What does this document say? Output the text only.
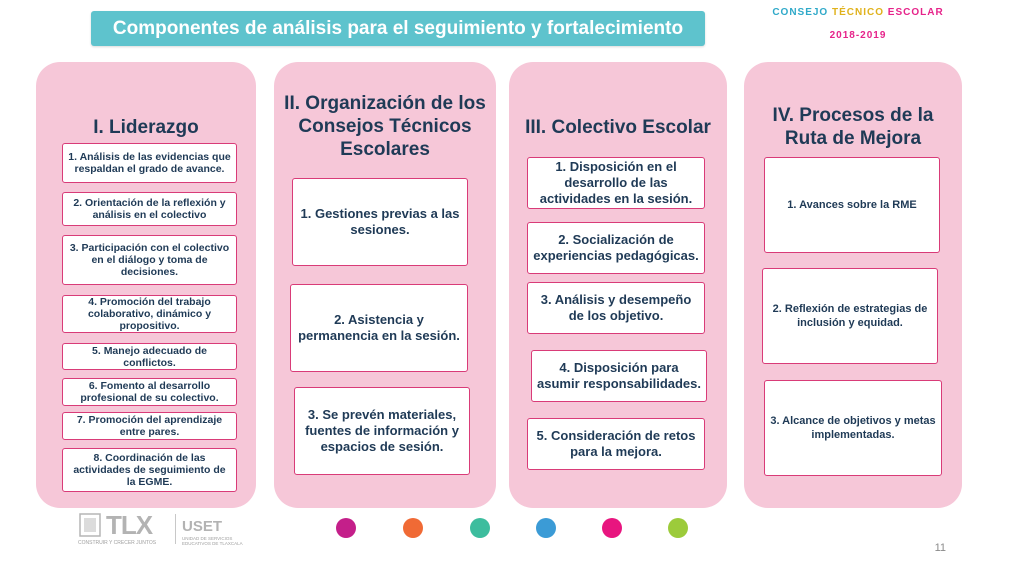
Componentes de análisis para el seguimiento y fortalecimiento
CONSEJO TÉCNICO ESCOLAR
2018-2019
I. Liderazgo
1. Análisis de las evidencias que respaldan el grado de avance.
2. Orientación de la reflexión y análisis en el colectivo
3. Participación con el colectivo en el diálogo y toma de decisiones.
4. Promoción del trabajo colaborativo, dinámico y propositivo.
5. Manejo adecuado de conflictos.
6. Fomento al desarrollo profesional de su colectivo.
7. Promoción del aprendizaje entre pares.
8. Coordinación de las actividades de seguimiento de la EGME.
II. Organización de los Consejos Técnicos Escolares
1. Gestiones previas a las sesiones.
2. Asistencia y permanencia en la sesión.
3. Se prevén materiales, fuentes de información y espacios de sesión.
III. Colectivo Escolar
1. Disposición en el desarrollo de las actividades en la sesión.
2. Socialización de experiencias pedagógicas.
3. Análisis y desempeño de los objetivo.
4. Disposición para asumir responsabilidades.
5. Consideración de retos para la mejora.
IV. Procesos de la Ruta de Mejora
1. Avances sobre la RME
2. Reflexión de estrategias de inclusión y equidad.
3. Alcance de objetivos y metas implementadas.
TLX
CONSTRUIR Y CRECER JUNTOS
USET
UNIDAD DE SERVICIOS EDUCATIVOS DE TLAXCALA	11
